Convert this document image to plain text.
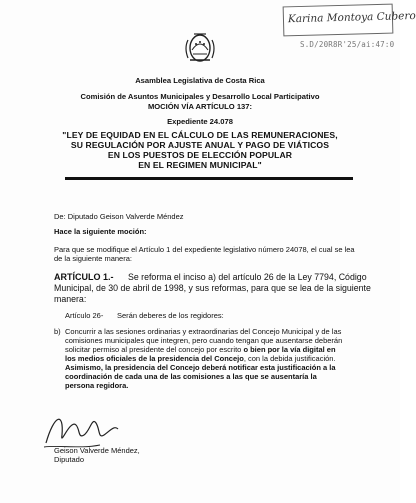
Karina Montoya Cubero
S.D/20R8R'25/ai:47:0
Asamblea Legislativa de Costa Rica
Comisión de Asuntos Municipales y Desarrollo Local Participativo
MOCIÓN VÍA ARTÍCULO 137:
Expediente 24.078
"LEY DE EQUIDAD EN EL CÁLCULO DE LAS REMUNERACIONES,
SU REGULACIÓN POR AJUSTE ANUAL Y PAGO DE VIÁTICOS
EN LOS PUESTOS DE ELECCIÓN POPULAR
EN EL REGIMEN MUNICIPAL"
De: Diputado Geison Valverde Méndez
Hace la siguiente moción:
Para que se modifique el Artículo 1 del expediente legislativo número 24078, el cual se lea
de la siguiente manera:
ARTÍCULO 1.- Se reforma el inciso a) del artículo 26 de la Ley 7794, Código
Municipal, de 30 de abril de 1998, y sus reformas, para que se lea de la siguiente
manera:
Artículo 26- Serán deberes de los regidores:
b) Concurrir a las sesiones ordinarias y extraordinarias del Concejo Municipal y de las
comisiones municipales que integren, pero cuando tengan que ausentarse deberán
solicitar permiso al presidente del concejo por escrito o bien por la vía digital en
los medios oficiales de la presidencia del Concejo, con la debida justificación.
Asimismo, la presidencia del Concejo deberá notificar esta justificación a la
coordinación de cada una de las comisiones a las que se ausentaría la
persona regidora.
Geison Valverde Méndez,
Diputado
